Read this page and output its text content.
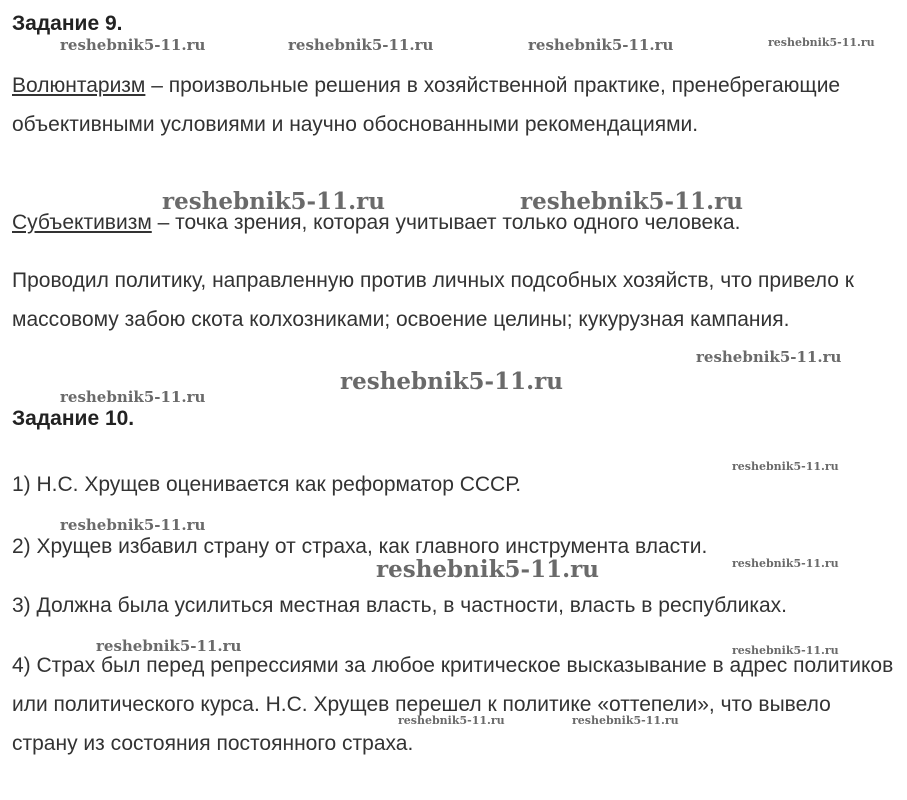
Задание 9.

Волюнтаризм – произвольные решения в хозяйственной практике, пренебрегающие объективными условиями и научно обоснованными рекомендациями.

Субъективизм – точка зрения, которая учитывает только одного человека.

Проводил политику, направленную против личных подсобных хозяйств, что привело к массовому забою скота колхозниками; освоение целины; кукурузная кампания.

Задание 10.

1) Н.С. Хрущев оценивается как реформатор СССР.

2) Хрущев избавил страну от страха, как главного инструмента власти.

3) Должна была усилиться местная власть, в частности, власть в республиках.

4) Страх был перед репрессиями за любое критическое высказывание в адрес политиков или политического курса. Н.С. Хрущев перешел к политике «оттепели», что вывело страну из состояния постоянного страха.

reshebnik5-11.ru	reshebnik5-11.ru	reshebnik5-11.ru	reshebnik5-11.ru
reshebnik5-11.ru	reshebnik5-11.ru
reshebnik5-11.ru
reshebnik5-11.ru
reshebnik5-11.ru
reshebnik5-11.ru
reshebnik5-11.ru
reshebnik5-11.ru
reshebnik5-11.ru
reshebnik5-11.ru	reshebnik5-11.ru
reshebnik5-11.ru	reshebnik5-11.ru
